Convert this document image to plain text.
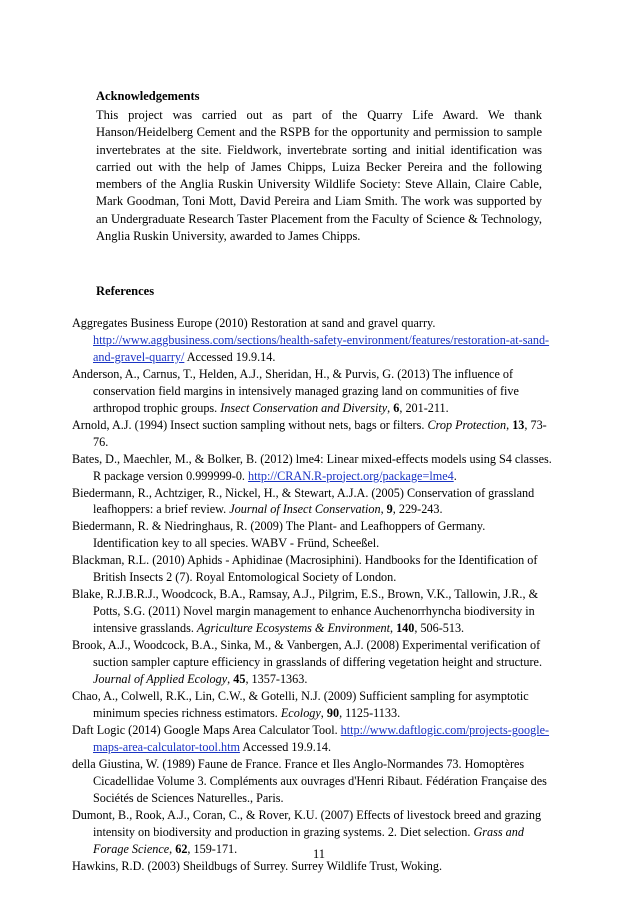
Acknowledgements

This project was carried out as part of the Quarry Life Award. We thank Hanson/Heidelberg Cement and the RSPB for the opportunity and permission to sample invertebrates at the site. Fieldwork, invertebrate sorting and initial identification was carried out with the help of James Chipps, Luiza Becker Pereira and the following members of the Anglia Ruskin University Wildlife Society: Steve Allain, Claire Cable, Mark Goodman, Toni Mott, David Pereira and Liam Smith. The work was supported by an Undergraduate Research Taster Placement from the Faculty of Science & Technology, Anglia Ruskin University, awarded to James Chipps.

References

Aggregates Business Europe (2010) Restoration at sand and gravel quarry. http://www.aggbusiness.com/sections/health-safety-environment/features/restoration-at-sand-and-gravel-quarry/ Accessed 19.9.14.

Anderson, A., Carnus, T., Helden, A.J., Sheridan, H., & Purvis, G. (2013) The influence of conservation field margins in intensively managed grazing land on communities of five arthropod trophic groups. Insect Conservation and Diversity, 6, 201-211.

Arnold, A.J. (1994) Insect suction sampling without nets, bags or filters. Crop Protection, 13, 73-76.

Bates, D., Maechler, M., & Bolker, B. (2012) lme4: Linear mixed-effects models using S4 classes. R package version 0.999999-0. http://CRAN.R-project.org/package=lme4.

Biedermann, R., Achtziger, R., Nickel, H., & Stewart, A.J.A. (2005) Conservation of grassland leafhoppers: a brief review. Journal of Insect Conservation, 9, 229-243.

Biedermann, R. & Niedringhaus, R. (2009) The Plant- and Leafhoppers of Germany. Identification key to all species. WABV - Fründ, Scheeßel.

Blackman, R.L. (2010) Aphids - Aphidinae (Macrosiphini). Handbooks for the Identification of British Insects 2 (7). Royal Entomological Society of London.

Blake, R.J.B.R.J., Woodcock, B.A., Ramsay, A.J., Pilgrim, E.S., Brown, V.K., Tallowin, J.R., & Potts, S.G. (2011) Novel margin management to enhance Auchenorrhyncha biodiversity in intensive grasslands. Agriculture Ecosystems & Environment, 140, 506-513.

Brook, A.J., Woodcock, B.A., Sinka, M., & Vanbergen, A.J. (2008) Experimental verification of suction sampler capture efficiency in grasslands of differing vegetation height and structure. Journal of Applied Ecology, 45, 1357-1363.

Chao, A., Colwell, R.K., Lin, C.W., & Gotelli, N.J. (2009) Sufficient sampling for asymptotic minimum species richness estimators. Ecology, 90, 1125-1133.

Daft Logic (2014) Google Maps Area Calculator Tool. http://www.daftlogic.com/projects-google-maps-area-calculator-tool.htm Accessed 19.9.14.

della Giustina, W. (1989) Faune de France. France et Iles Anglo-Normandes 73. Homoptères Cicadellidae Volume 3. Compléments aux ouvrages d'Henri Ribaut. Fédération Française des Sociétés de Sciences Naturelles., Paris.

Dumont, B., Rook, A.J., Coran, C., & Rover, K.U. (2007) Effects of livestock breed and grazing intensity on biodiversity and production in grazing systems. 2. Diet selection. Grass and Forage Science, 62, 159-171.

Hawkins, R.D. (2003) Sheildbugs of Surrey. Surrey Wildlife Trust, Woking.

11
